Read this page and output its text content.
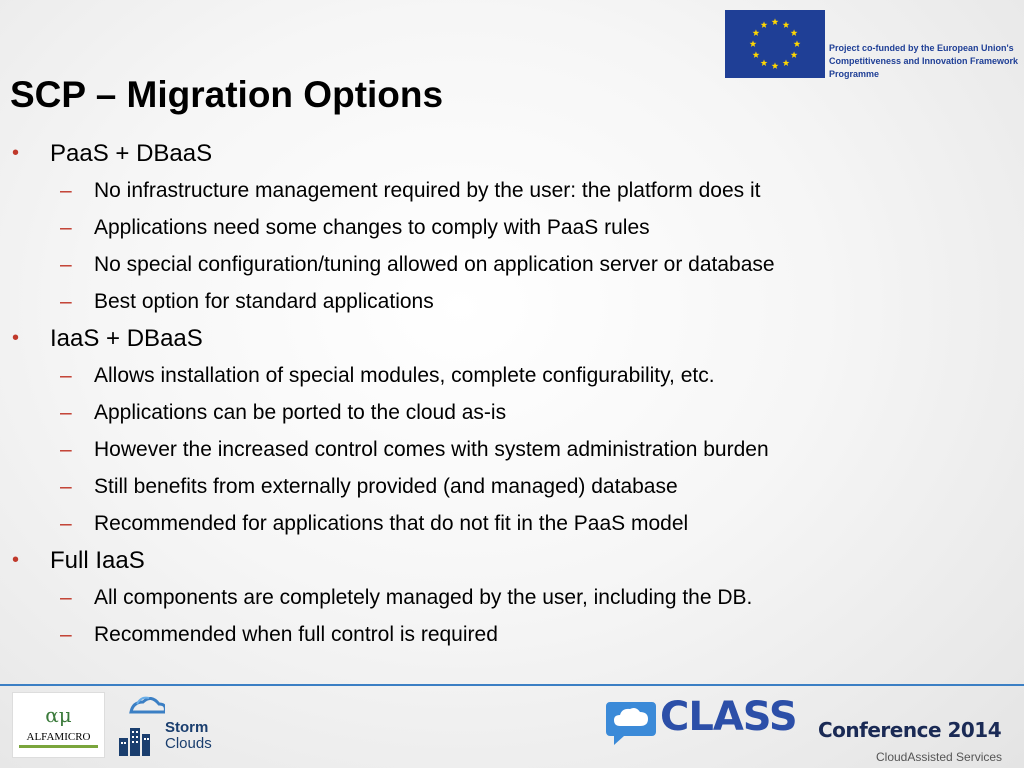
SCP – Migration Options
Project co-funded by the European Union's Competitiveness and Innovation Framework Programme
• PaaS + DBaaS
– No infrastructure management required by the user: the platform does it
– Applications need some changes to comply with PaaS rules
– No special configuration/tuning allowed on application server or database
– Best option for standard applications
• IaaS + DBaaS
– Allows installation of special modules, complete configurability, etc.
– Applications can be ported to the cloud as-is
– However the increased control comes with system administration burden
– Still benefits from externally provided (and managed) database
– Recommended for applications that do not fit in the PaaS model
• Full IaaS
– All components are completely managed by the user, including the DB.
– Recommended when full control is required
αμ
ALFAMICRO
Storm
Clouds
CLASS Conference 2014
CloudAssisted Services
